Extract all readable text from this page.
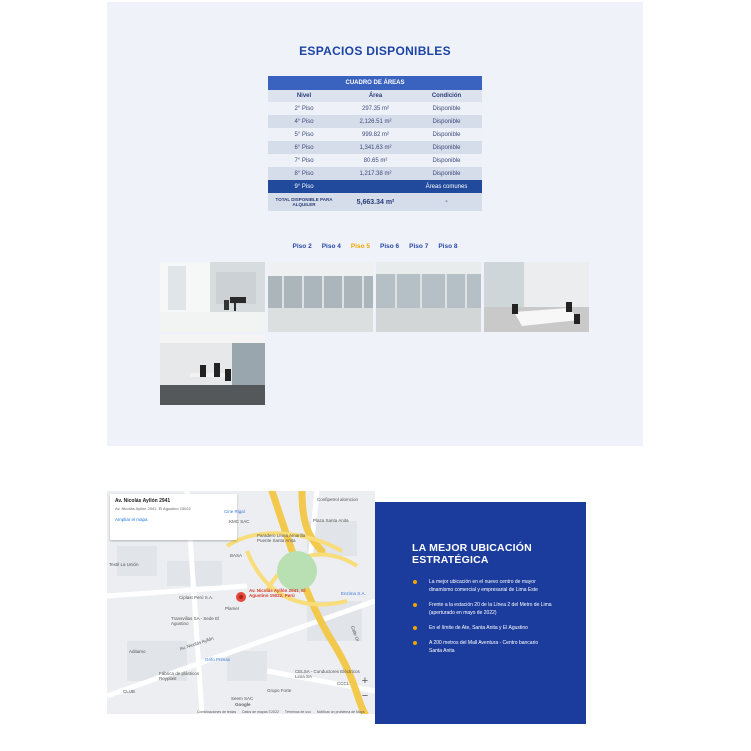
ESPACIOS DISPONIBLES
CUADRO DE ÁREAS		
Nivel	Área	Condición
2° Piso	297.35 m²	Disponible
4° Piso	2,126.51 m²	Disponible
5° Piso	999.82 m²	Disponible
6° Piso	1,341.63 m²	Disponible
7° Piso	80.65 m²	Disponible
8° Piso	1,217.38 m²	Disponible
9° Piso		Áreas comunes
TOTAL DISPONIBLE PARA ALQUILER	5,663.34 m²	-
Piso 2 Piso 4 Piso 5 Piso 6 Piso 7 Piso 8
Av. Nicolás Ayllón 2941
Av. Nicolás Ayllón 2941, El Agustino 15022
Ampliar el mapa
Confipetrol alomcion
Cine Rigal
KMC SAC	Plaza Santa Anita
Paradero Línea Amarilla Puente Santa Anita
BASA
Textil La Unión
Ciplast Perú S.A.
Av. Nicolás Ayllón 2941, El Agustino 15022, Perú
Plamer
Enzima S.A.
Transvillas SA - Sede El Agustino
Av. Nicolás Ayllón
Grifo Primax
Aditamo
Fábrica de plásticos Reyplast
CELSA - Conductores Eléctricos Lima SA
Grupo Forte
Seem SAC
CCCL
CLUB
Calle Ol
+
−
Combinaciones de teclas Datos de mapas ©2022 Términos de uso Notificar un problema de Maps
Google
LA MEJOR UBICACIÓN ESTRATÉGICA
La mejor ubicación en el nuevo centro de mayor dinamismo comercial y empresarial de Lima Este
Frente a la estación 20 de la Línea 2 del Metro de Lima (aperturado en mayo de 2022)
En el límite de Ate, Santa Anita y El Agustino
A 200 metros del Mall Aventura - Centro bancario Santa Anita
